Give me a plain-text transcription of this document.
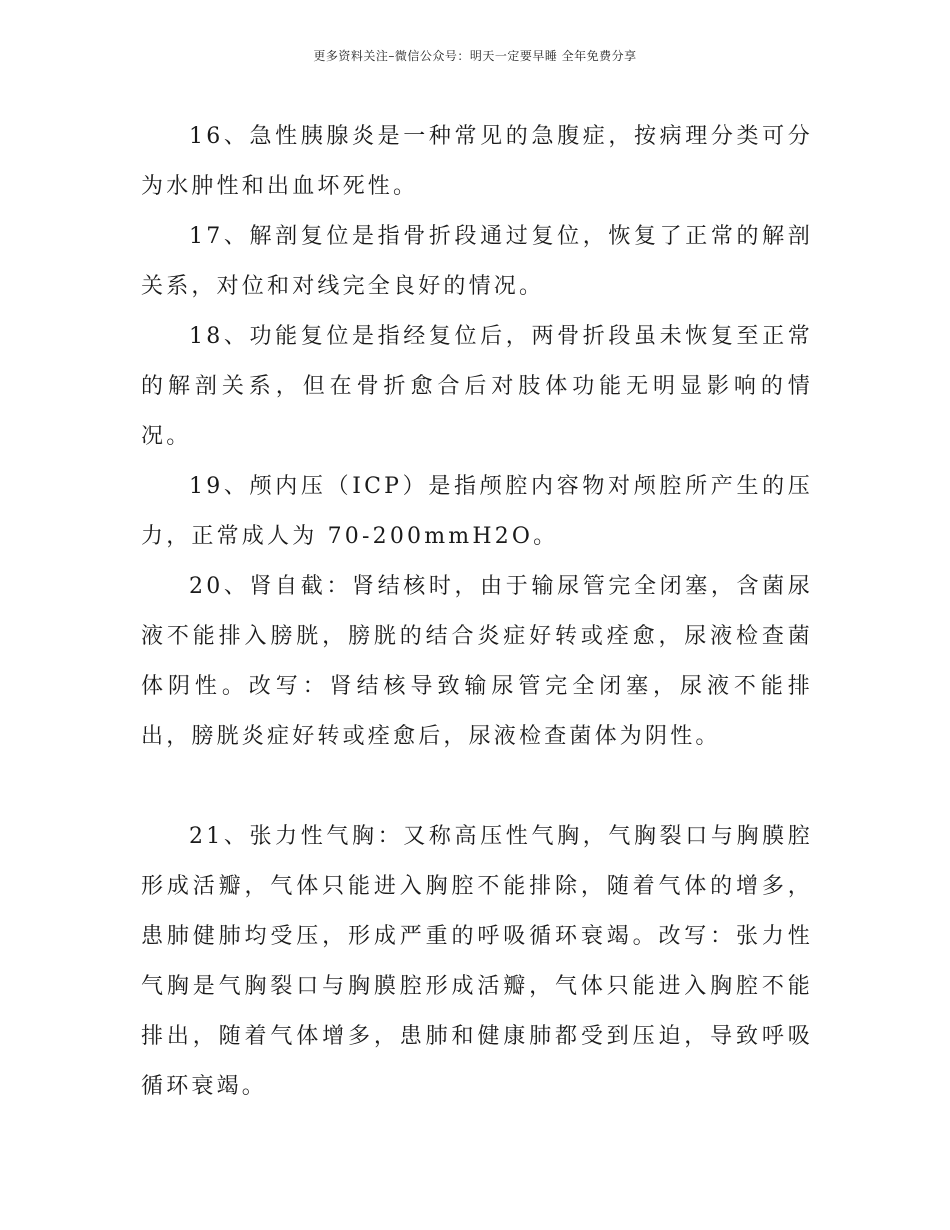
更多资料关注–微信公众号：明天一定要早睡 全年免费分享

16、急性胰腺炎是一种常见的急腹症，按病理分类可分为水肿性和出血坏死性。

17、解剖复位是指骨折段通过复位，恢复了正常的解剖关系，对位和对线完全良好的情况。

18、功能复位是指经复位后，两骨折段虽未恢复至正常的解剖关系，但在骨折愈合后对肢体功能无明显影响的情况。

19、颅内压（ICP）是指颅腔内容物对颅腔所产生的压力，正常成人为 70-200mmH2O。

20、肾自截：肾结核时，由于输尿管完全闭塞，含菌尿液不能排入膀胱，膀胱的结合炎症好转或痊愈，尿液检查菌体阴性。改写：肾结核导致输尿管完全闭塞，尿液不能排出，膀胱炎症好转或痊愈后，尿液检查菌体为阴性。

21、张力性气胸：又称高压性气胸，气胸裂口与胸膜腔形成活瓣，气体只能进入胸腔不能排除，随着气体的增多，患肺健肺均受压，形成严重的呼吸循环衰竭。改写：张力性气胸是气胸裂口与胸膜腔形成活瓣，气体只能进入胸腔不能排出，随着气体增多，患肺和健康肺都受到压迫，导致呼吸循环衰竭。
